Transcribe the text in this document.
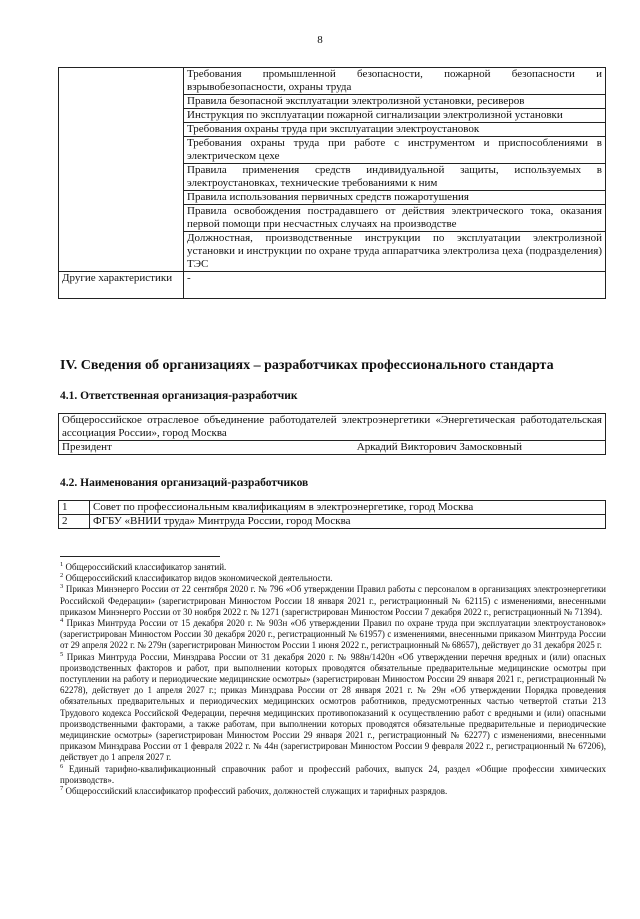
8
	Требования промышленной безопасности, пожарной безопасности и взрывобезопасности, охраны труда
	Правила безопасной эксплуатации электролизной установки, ресиверов
	Инструкция по эксплуатации пожарной сигнализации электролизной установки
	Требования охраны труда при эксплуатации электроустановок
	Требования охраны труда при работе с инструментом и приспособлениями в электрическом цехе
	Правила применения средств индивидуальной защиты, используемых в электроустановках, технические требованиями к ним
	Правила использования первичных средств пожаротушения
	Правила освобождения пострадавшего от действия электрического тока, оказания первой помощи при несчастных случаях на производстве
	Должностная, производственные инструкции по эксплуатации электролизной установки и инструкции по охране труда аппаратчика электролиза цеха (подразделения) ТЭС
Другие характеристики	-
IV. Сведения об организациях – разработчиках профессионального стандарта
4.1. Ответственная организация-разработчик
Общероссийское отраслевое объединение работодателей электроэнергетики «Энергетическая работодательская ассоциация России», город Москва

Президент	Аркадий Викторович Замосковный
4.2. Наименования организаций-разработчиков
1	Совет по профессиональным квалификациям в электроэнергетике, город Москва
2	ФГБУ «ВНИИ труда» Минтруда России, город Москва

$^1$ Общероссийский классификатор занятий.

$^2$ Общероссийский классификатор видов экономической деятельности.

$^3$ Приказ Минэнерго России от 22 сентября 2020 г. № 796 «Об утверждении Правил работы с персоналом в организациях электроэнергетики Российской Федерации» (зарегистрирован Минюстом России 18 января 2021 г., регистрационный № 62115) с изменениями, внесенными приказом Минэнерго России от 30 ноября 2022 г. № 1271 (зарегистрирован Минюстом России 7 декабря 2022 г., регистрационный № 71394).

$^4$ Приказ Минтруда России от 15 декабря 2020 г. № 903н «Об утверждении Правил по охране труда при эксплуатации электроустановок» (зарегистрирован Минюстом России 30 декабря 2020 г., регистрационный № 61957) с изменениями, внесенными приказом Минтруда России от 29 апреля 2022 г. № 279н (зарегистрирован Минюстом России 1 июня 2022 г., регистрационный № 68657), действует до 31 декабря 2025 г.

$^5$ Приказ Минтруда России, Минздрава России от 31 декабря 2020 г. № 988н/1420н «Об утверждении перечня вредных и (или) опасных производственных факторов и работ, при выполнении которых проводятся обязательные предварительные медицинские осмотры при поступлении на работу и периодические медицинские осмотры» (зарегистрирован Минюстом России 29 января 2021 г., регистрационный № 62278), действует до 1 апреля 2027 г.; приказ Минздрава России от 28 января 2021 г. № 29н «Об утверждении Порядка проведения обязательных предварительных и периодических медицинских осмотров работников, предусмотренных частью четвертой статьи 213 Трудового кодекса Российской Федерации, перечня медицинских противопоказаний к осуществлению работ с вредными и (или) опасными производственными факторами, а также работам, при выполнении которых проводятся обязательные предварительные и периодические медицинские осмотры» (зарегистрирован Минюстом России 29 января 2021 г., регистрационный № 62277) с изменениями, внесенными приказом Минздрава России от 1 февраля 2022 г. № 44н (зарегистрирован Минюстом России 9 февраля 2022 г., регистрационный № 67206), действует до 1 апреля 2027 г.

$^6$ Единый тарифно-квалификационный справочник работ и профессий рабочих, выпуск 24, раздел «Общие профессии химических производств».

$^7$ Общероссийский классификатор профессий рабочих, должностей служащих и тарифных разрядов.
